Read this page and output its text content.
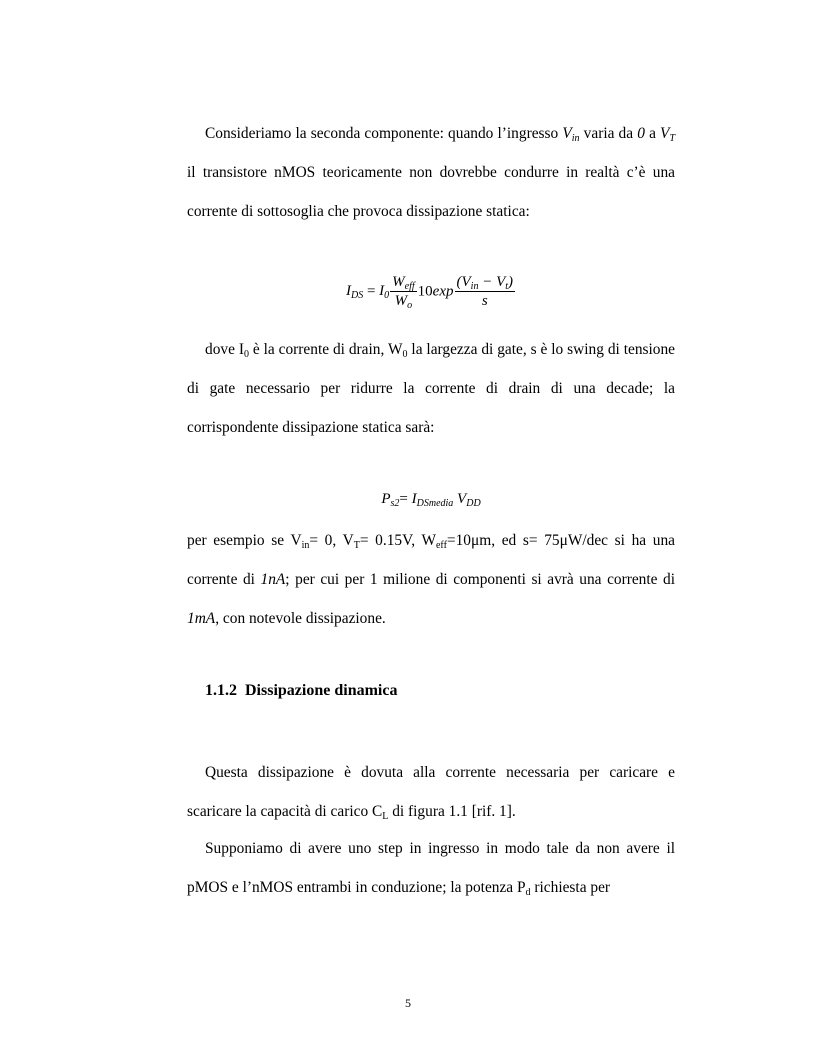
Consideriamo la seconda componente: quando l’ingresso $V_{in}$ varia da 0 a $V_T$ il transistore nMOS teoricamente non dovrebbe condurre in realtà c’è una corrente di sottosoglia che provoca dissipazione statica:

$I_{DS} = I_0 \frac{W_{eff}}{W_o} 10\exp \frac{(V_{in} - V_t)}{s}$

dove $I_0$ è la corrente di drain, $W_0$ la largezza di gate, s è lo swing di tensione di gate necessario per ridurre la corrente di drain di una decade; la corrispondente dissipazione statica sarà:

$P_{s2}= I_{DSmedia}$ $V_{DD}$

per esempio se $V_{in}= 0$, $V_T= 0.15V$, $W_{eff}=10\mu m$, ed s= 75μW/dec si ha una corrente di 1nA; per cui per 1 milione di componenti si avrà una corrente di 1mA, con notevole dissipazione.

1.1.2 Dissipazione dinamica

Questa dissipazione è dovuta alla corrente necessaria per caricare e scaricare la capacità di carico $C_L$ di figura 1.1 [rif. 1].

Supponiamo di avere uno step in ingresso in modo tale da non avere il pMOS e l’nMOS entrambi in conduzione; la potenza $P_d$ richiesta per

5
